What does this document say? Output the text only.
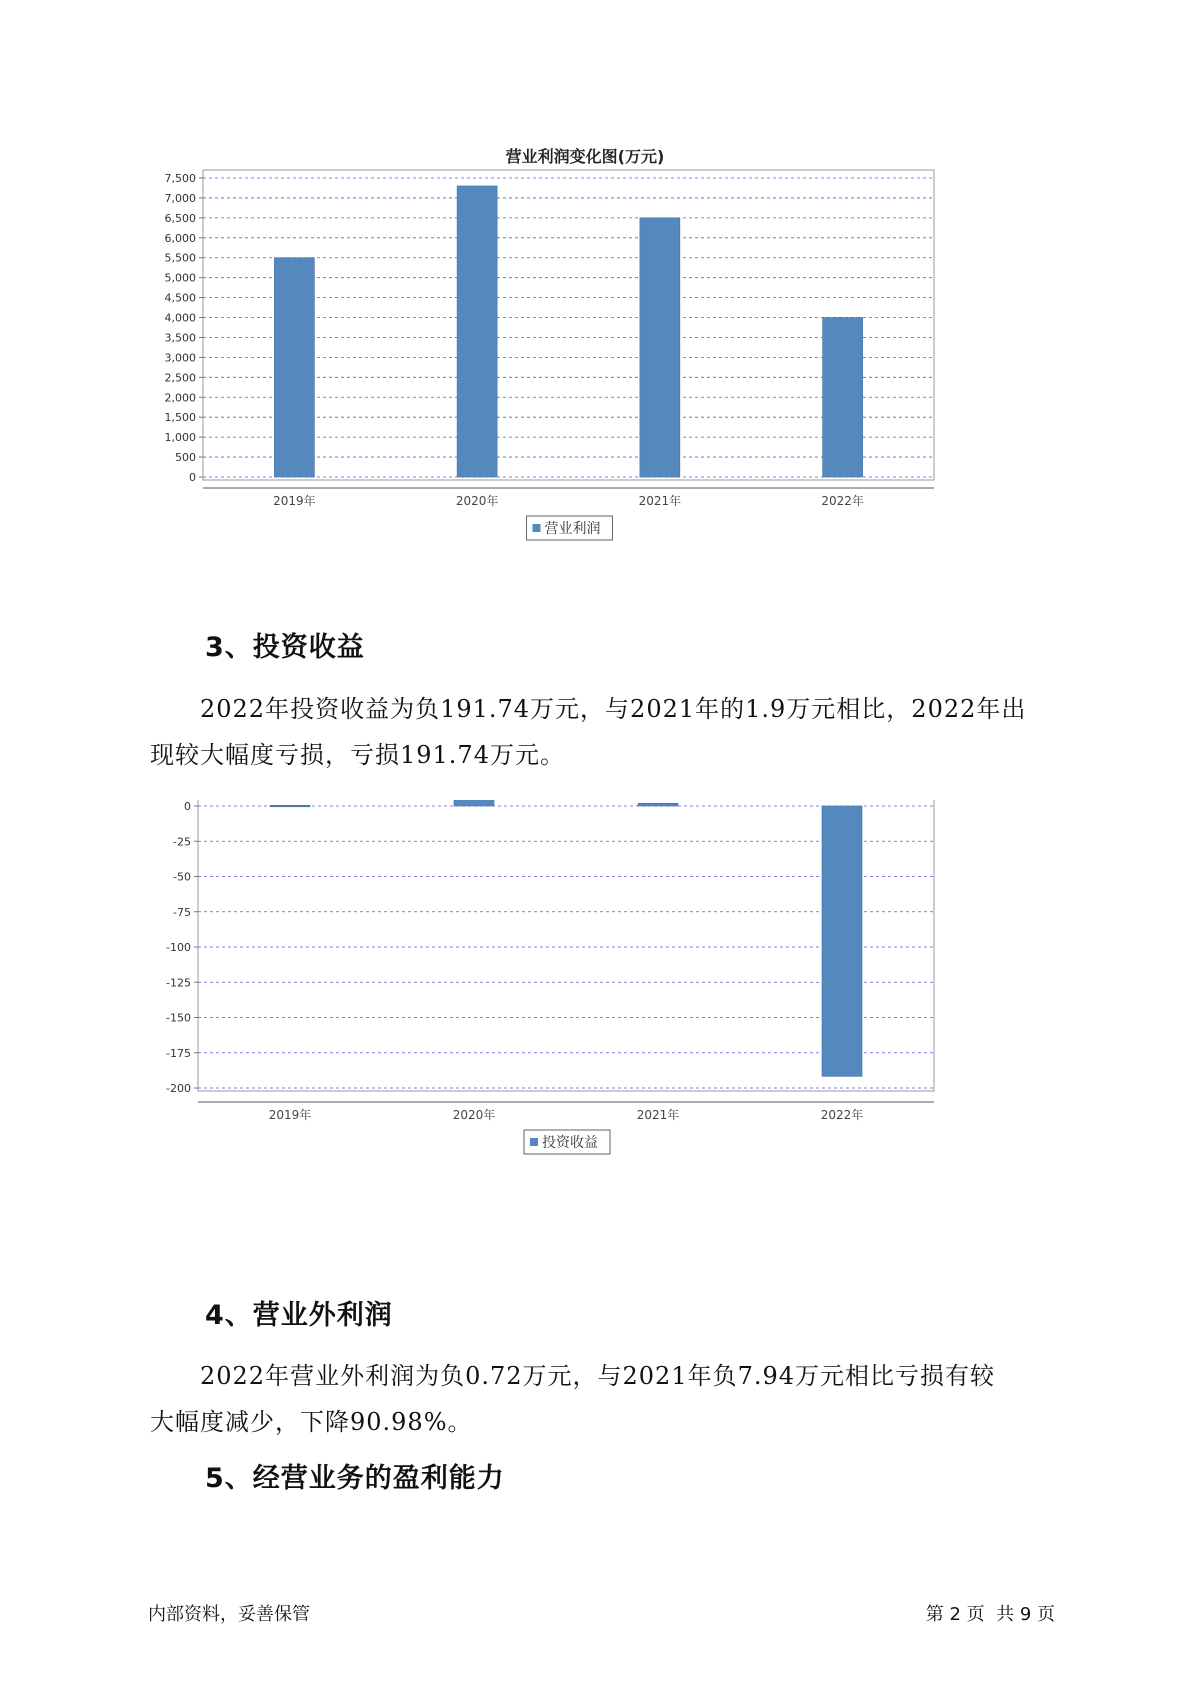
营业利润变化图(万元)
0
500
1,000
1,500
2,000
2,500
3,000
3,500
4,000
4,500
5,000
5,500
6,000
6,500
7,000
7,500
2019年	2020年	2021年	2022年
营业利润
3、投资收益
2022年投资收益为负191.74万元，与2021年的1.9万元相比，2022年出
现较大幅度亏损，亏损191.74万元。
0
-25
-50
-75
-100
-125
-150
-175
-200
2019年	2020年	2021年	2022年
投资收益
4、营业外利润
2022年营业外利润为负0.72万元，与2021年负7.94万元相比亏损有较
大幅度减少，下降90.98%。
5、经营业务的盈利能力
内部资料，妥善保管	第 2 页  共 9 页
